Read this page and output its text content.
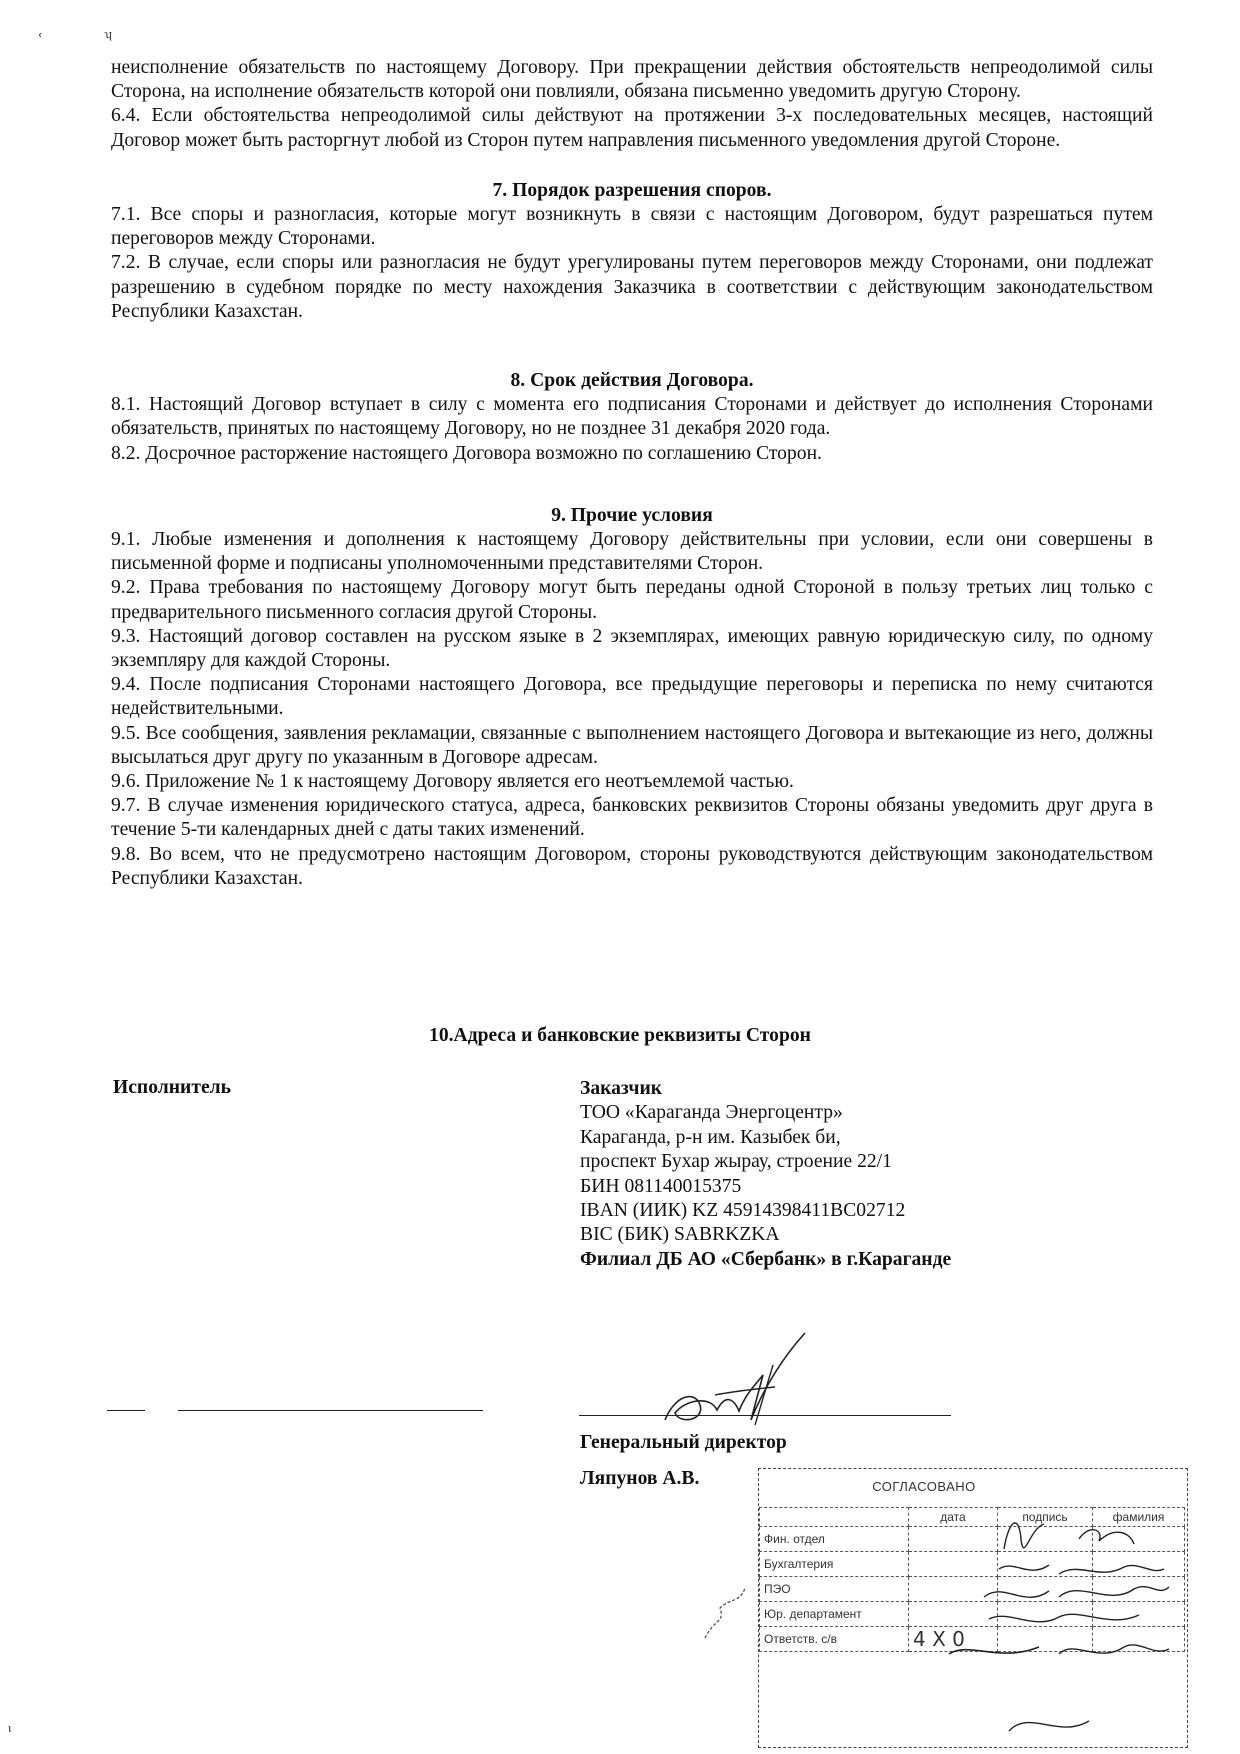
‹	ʮ

неисполнение обязательств по настоящему Договору. При прекращении действия обстоятельств непреодолимой силы Сторона, на исполнение обязательств которой они повлияли, обязана письменно уведомить другую Сторону.

6.4. Если обстоятельства непреодолимой силы действуют на протяжении 3-х последовательных месяцев, настоящий Договор может быть расторгнут любой из Сторон путем направления письменного уведомления другой Стороне.

7. Порядок разрешения споров.

7.1. Все споры и разногласия, которые могут возникнуть в связи с настоящим Договором, будут разрешаться путем переговоров между Сторонами.

7.2. В случае, если споры или разногласия не будут урегулированы путем переговоров между Сторонами, они подлежат разрешению в судебном порядке по месту нахождения Заказчика в соответствии с действующим законодательством Республики Казахстан.

8. Срок действия Договора.

8.1. Настоящий Договор вступает в силу с момента его подписания Сторонами и действует до исполнения Сторонами обязательств, принятых по настоящему Договору, но не позднее 31 декабря 2020 года.

8.2. Досрочное расторжение настоящего Договора возможно по соглашению Сторон.

9. Прочие условия

9.1. Любые изменения и дополнения к настоящему Договору действительны при условии, если они совершены в письменной форме и подписаны уполномоченными представителями Сторон.

9.2. Права требования по настоящему Договору могут быть переданы одной Стороной в пользу третьих лиц только с предварительного письменного согласия другой Стороны.

9.3. Настоящий договор составлен на русском языке в 2 экземплярах, имеющих равную юридическую силу, по одному экземпляру для каждой Стороны.

9.4. После подписания Сторонами настоящего Договора, все предыдущие переговоры и переписка по нему считаются недействительными.

9.5. Все сообщения, заявления рекламации, связанные с выполнением настоящего Договора и вытекающие из него, должны высылаться друг другу по указанным в Договоре адресам.

9.6. Приложение № 1 к настоящему Договору является его неотъемлемой частью.

9.7. В случае изменения юридического статуса, адреса, банковских реквизитов Стороны обязаны уведомить друг друга в течение 5-ти календарных дней с даты таких изменений.

9.8. Во всем, что не предусмотрено настоящим Договором, стороны руководствуются действующим законодательством Республики Казахстан.

10.Адреса и банковские реквизиты Сторон
Исполнитель	Заказчик
ТОО «Караганда Энергоцентр»
Караганда, р-н им. Казыбек би,
проспект Бухар жырау, строение 22/1
БИН 081140015375
IBAN (ИИК) KZ 45914398411BC02712
BIC (БИК) SABRKZKA
Филиал ДБ АО «Сбербанк» в г.Караганде
Генеральный директор
Ляпунов А.В.	СОГЛАСОВАНО
	дата	подпись	фамилия
Фин. отдел			
Бухгалтерия			
ПЭО			
Юр. департамент			
Ответств. с/в	4 X 0		
ɩ
